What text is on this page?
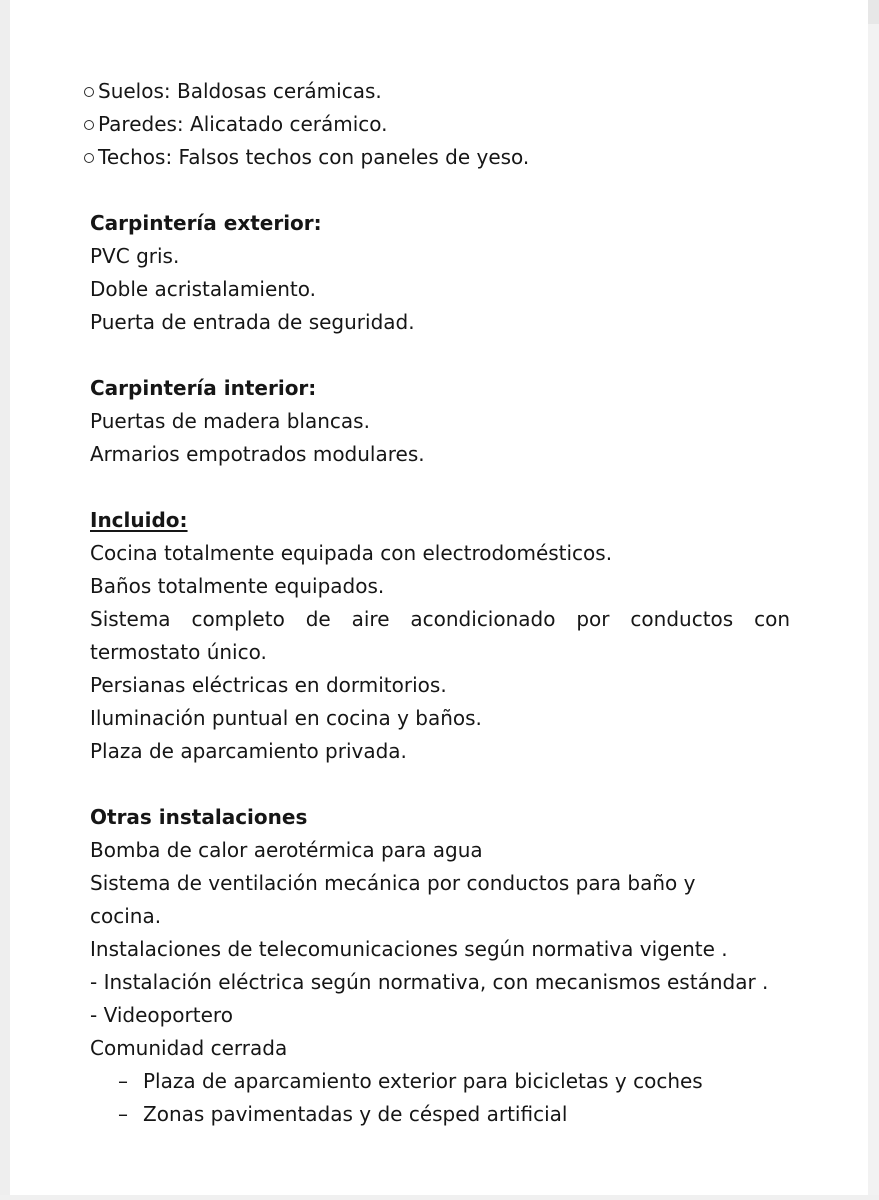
Suelos: Baldosas cerámicas.
Paredes: Alicatado cerámico.
Techos: Falsos techos con paneles de yeso.

Carpintería exterior:

PVC gris.

Doble acristalamiento.

Puerta de entrada de seguridad.

Carpintería interior:

Puertas de madera blancas.

Armarios empotrados modulares.

Incluido:

Cocina totalmente equipada con electrodomésticos.

Baños totalmente equipados.

Sistema completo de aire acondicionado por conductos con termostato único.

Persianas eléctricas en dormitorios.

Iluminación puntual en cocina y baños.

Plaza de aparcamiento privada.

Otras instalaciones

Bomba de calor aerotérmica para agua

Sistema de ventilación mecánica por conductos para baño y cocina.

Instalaciones de telecomunicaciones según normativa vigente .

- Instalación eléctrica según normativa, con mecanismos estándar .

- Videoportero

Comunidad cerrada

– Plaza de aparcamiento exterior para bicicletas y coches
– Zonas pavimentadas y de césped artificial
